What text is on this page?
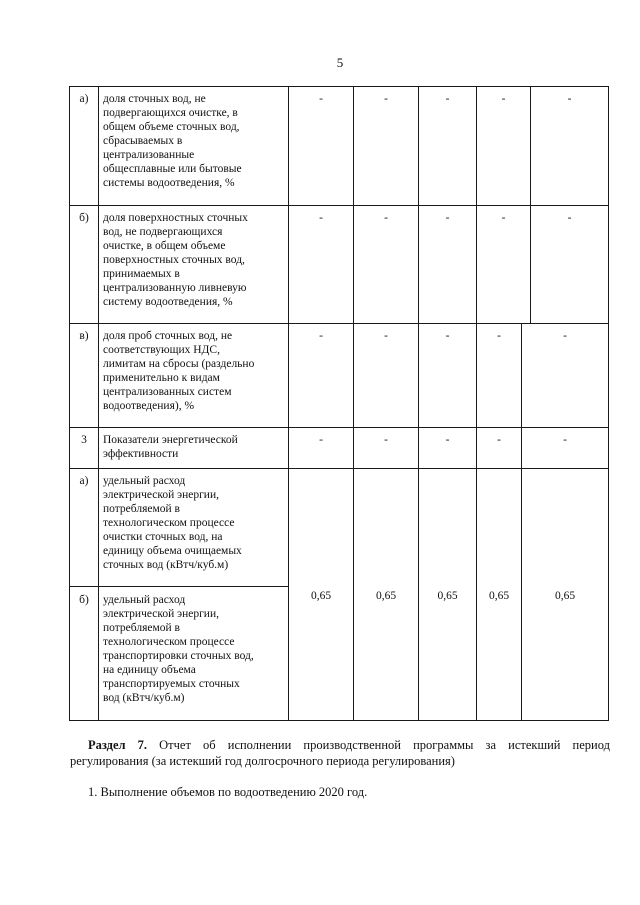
5
а)	доля сточных вод, не
подвергающихся очистке, в
общем объеме сточных вод,
сбрасываемых в
централизованные
общесплавные или бытовые
системы водоотведения, %
-	-	-	-	-
б)	доля поверхностных сточных
вод, не подвергающихся
очистке, в общем объеме
поверхностных сточных вод,
принимаемых в
централизованную ливневую
систему водоотведения, %
-	-	-	-	-
в)	доля проб сточных вод, не
соответствующих НДС,
лимитам на сбросы (раздельно
применительно к видам
централизованных систем
водоотведения), %
-	-	-	-	-
3	Показатели энергетической
эффективности
-	-	-	-	-
а)	удельный расход
электрической энергии,
потребляемой в
технологическом процессе
очистки сточных вод, на
единицу объема очищаемых
сточных вод (кВтч/куб.м)
б)	удельный расход
электрической энергии,
потребляемой в
технологическом процессе
транспортировки сточных вод,
на единицу объема
транспортируемых сточных
вод (кВтч/куб.м)
0,65	0,65	0,65	0,65	0,65
Раздел 7. Отчет об исполнении производственной программы за истекший период регулирования (за истекший год долгосрочного периода регулирования)
1. Выполнение объемов по водоотведению 2020 год.
